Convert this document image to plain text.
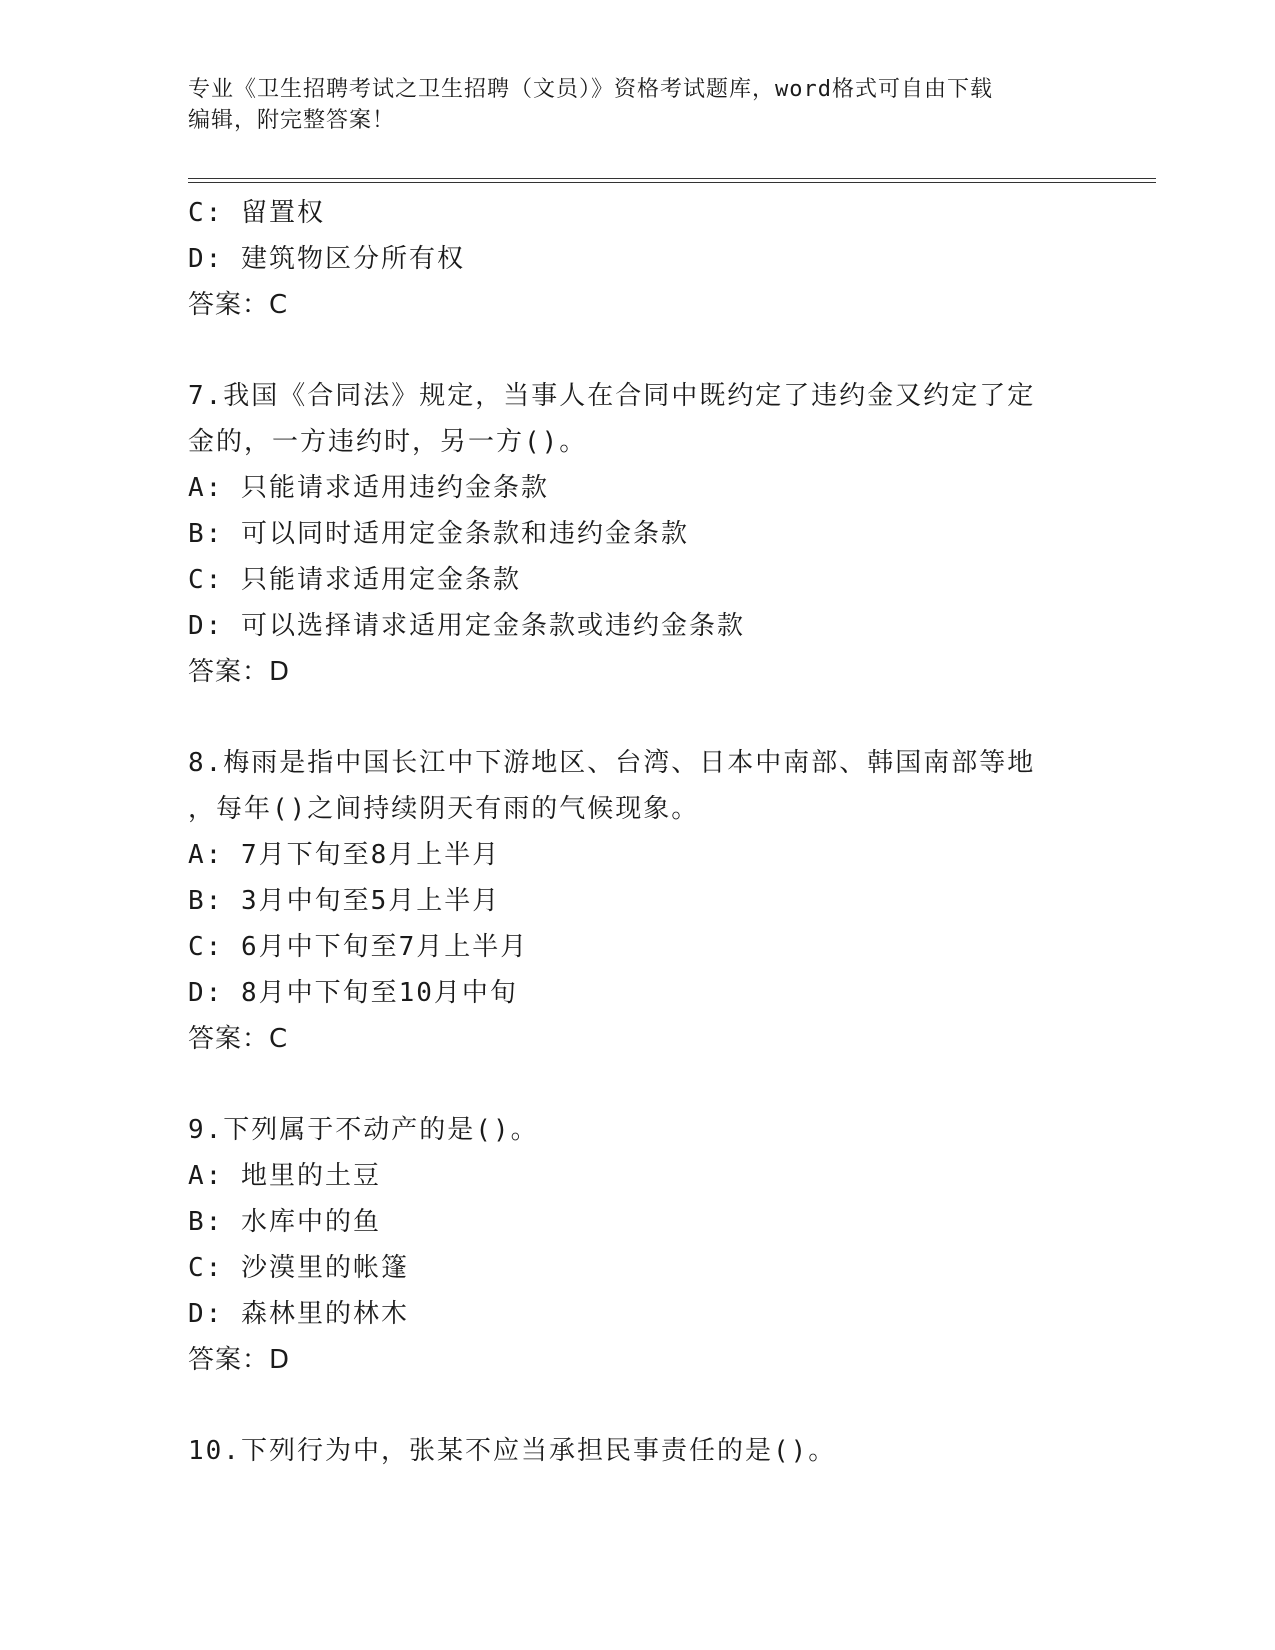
专业《卫生招聘考试之卫生招聘（文员）》资格考试题库，word格式可自由下载
编辑，附完整答案！
C: 留置权
D: 建筑物区分所有权
答案：C
7.我国《合同法》规定，当事人在合同中既约定了违约金又约定了定
金的，一方违约时，另一方()。
A: 只能请求适用违约金条款
B: 可以同时适用定金条款和违约金条款
C: 只能请求适用定金条款
D: 可以选择请求适用定金条款或违约金条款
答案：D
8.梅雨是指中国长江中下游地区、台湾、日本中南部、韩国南部等地
，每年()之间持续阴天有雨的气候现象。
A: 7月下旬至8月上半月
B: 3月中旬至5月上半月
C: 6月中下旬至7月上半月
D: 8月中下旬至10月中旬
答案：C
9.下列属于不动产的是()。
A: 地里的土豆
B: 水库中的鱼
C: 沙漠里的帐篷
D: 森林里的林木
答案：D
10.下列行为中，张某不应当承担民事责任的是()。
